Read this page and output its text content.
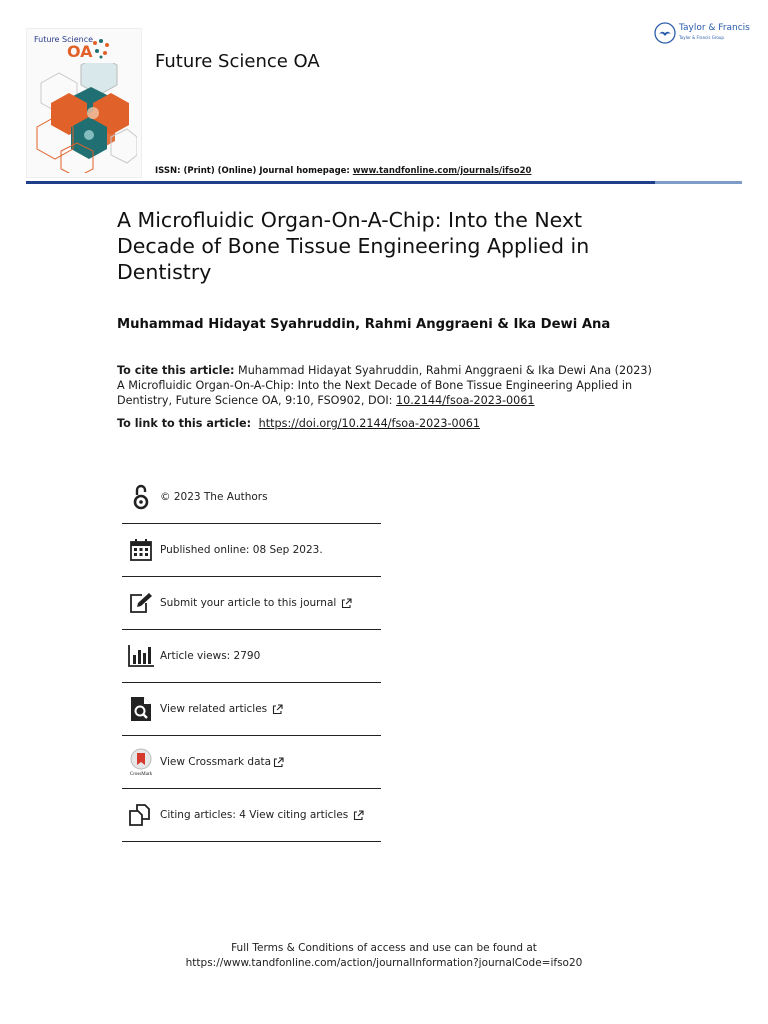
Future Science
OA	Future Science OA
Taylor & Francis
Taylor & Francis Group
ISSN: (Print) (Online) Journal homepage: www.tandfonline.com/journals/ifso20
A Microfluidic Organ-On-A-Chip: Into the Next Decade of Bone Tissue Engineering Applied in Dentistry
Muhammad Hidayat Syahruddin, Rahmi Anggraeni & Ika Dewi Ana
To cite this article: Muhammad Hidayat Syahruddin, Rahmi Anggraeni & Ika Dewi Ana (2023) A Microfluidic Organ-On-A-Chip: Into the Next Decade of Bone Tissue Engineering Applied in Dentistry, Future Science OA, 9:10, FSO902, DOI: 10.2144/fsoa-2023-0061
To link to this article: https://doi.org/10.2144/fsoa-2023-0061
© 2023 The Authors
Published online: 08 Sep 2023.
Submit your article to this journal
Article views: 2790
View related articles
CrossMark
View Crossmark data
Citing articles: 4 View citing articles
Full Terms & Conditions of access and use can be found at
https://www.tandfonline.com/action/journalInformation?journalCode=ifso20
